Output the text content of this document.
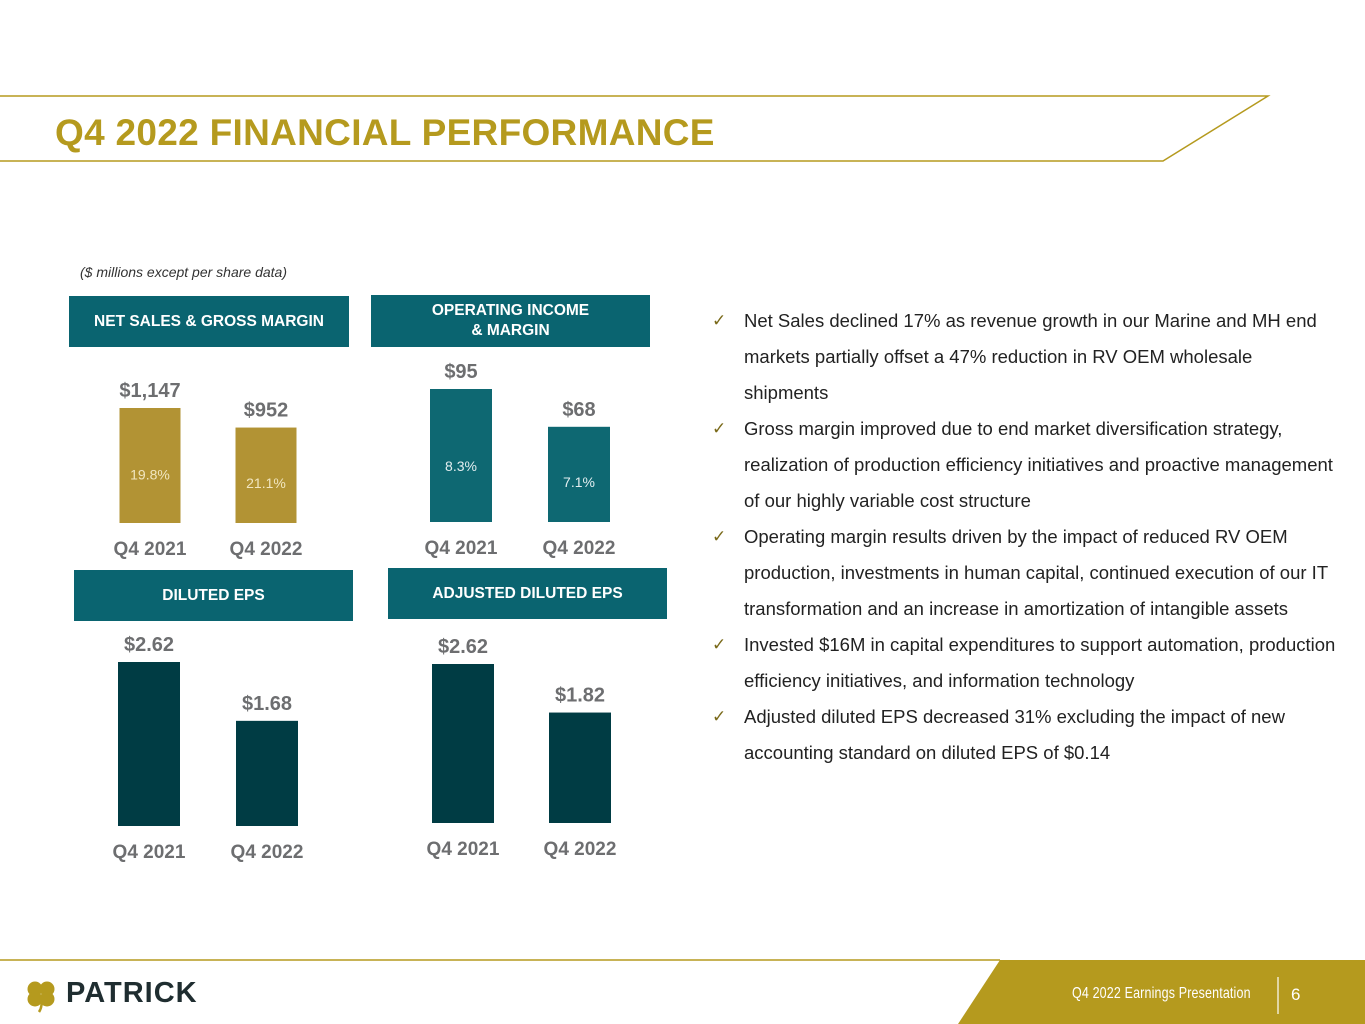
Q4 2022 FINANCIAL PERFORMANCE
($ millions except per share data)
NET SALES & GROSS MARGIN
OPERATING INCOME
& MARGIN
DILUTED EPS	ADJUSTED DILUTED EPS
$1,147
19.8%
Q4 2021
$952
21.1%
Q4 2022
$95
8.3%
Q4 2021
$68
7.1%
Q4 2022
$2.62
Q4 2021
$1.68
Q4 2022
$2.62
Q4 2021
$1.82
Q4 2022
✓ Net Sales declined 17% as revenue growth in our Marine and MH end markets partially offset a 47% reduction in RV OEM wholesale shipments
✓ Gross margin improved due to end market diversification strategy, realization of production efficiency initiatives and proactive management of our highly variable cost structure
✓ Operating margin results driven by the impact of reduced RV OEM production, investments in human capital, continued execution of our IT transformation and an increase in amortization of intangible assets
✓ Invested $16M in capital expenditures to support automation, production efficiency initiatives, and information technology
✓ Adjusted diluted EPS decreased 31% excluding the impact of new accounting standard on diluted EPS of $0.14
PATRICK	Q4 2022 Earnings Presentation 6
